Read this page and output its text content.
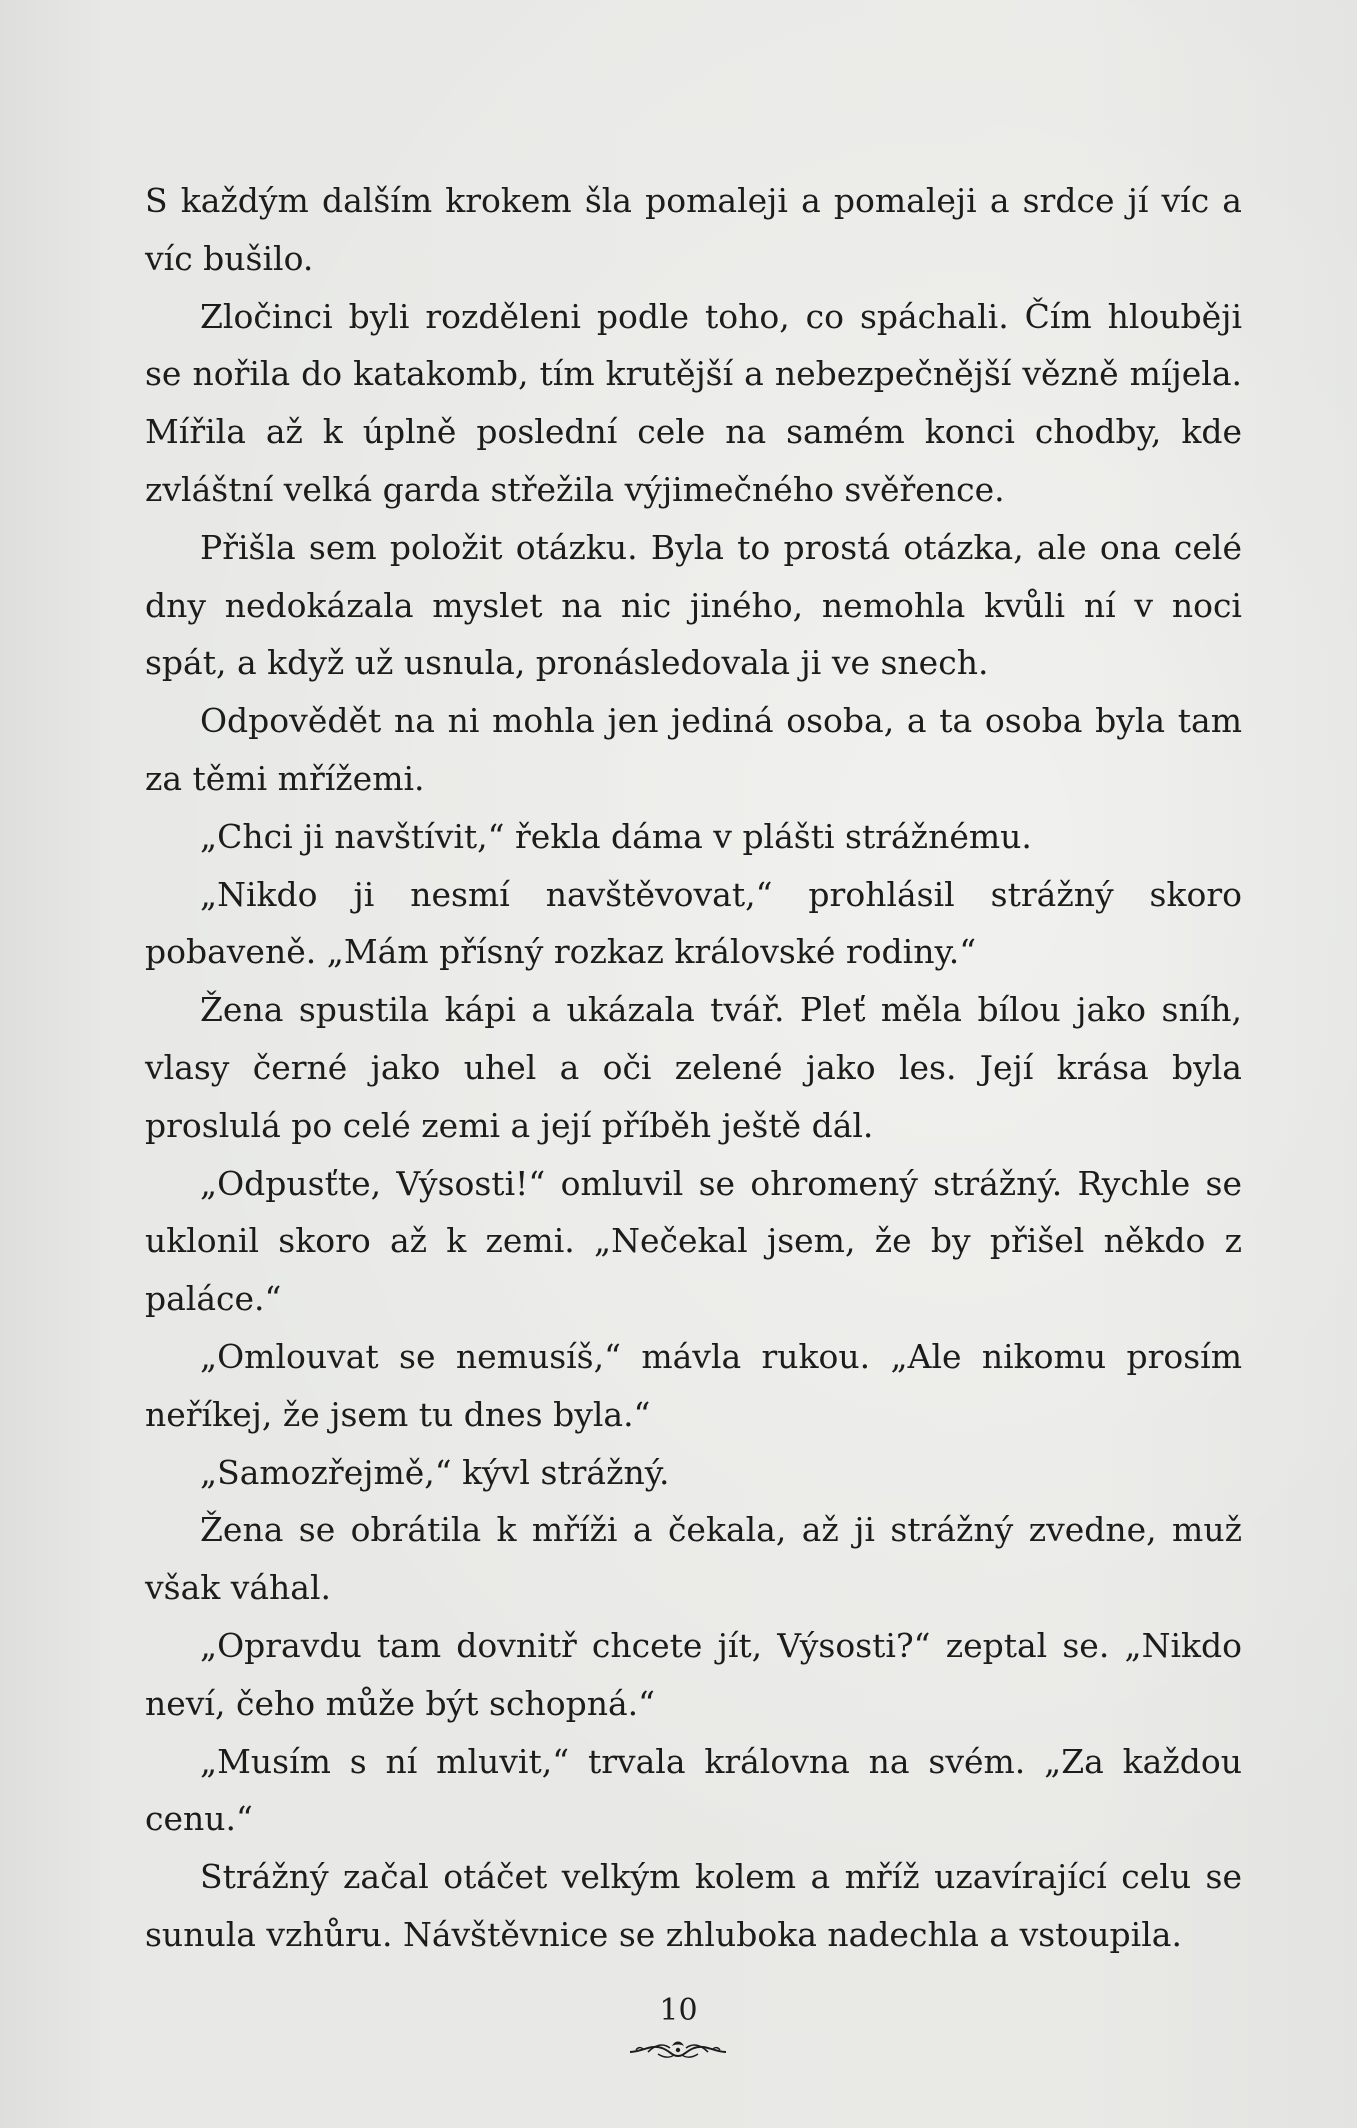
S každým dalším krokem šla pomaleji a pomaleji a srdce jí víc a víc bušilo.

Zločinci byli rozděleni podle toho, co spáchali. Čím hlouběji se nořila do katakomb, tím krutější a nebezpečnější vězně míjela. Mířila až k úplně poslední cele na samém konci chodby, kde zvláštní velká garda střežila výjimečného svěřence.

Přišla sem položit otázku. Byla to prostá otázka, ale ona celé dny nedokázala myslet na nic jiného, nemohla kvůli ní v noci spát, a když už usnula, pronásledovala ji ve snech.

Odpovědět na ni mohla jen jediná osoba, a ta osoba byla tam za těmi mřížemi.

„Chci ji navštívit,“ řekla dáma v plášti strážnému.

„Nikdo ji nesmí navštěvovat,“ prohlásil strážný skoro pobaveně. „Mám přísný rozkaz královské rodiny.“

Žena spustila kápi a ukázala tvář. Pleť měla bílou jako sníh, vlasy černé jako uhel a oči zelené jako les. Její krása byla proslulá po celé zemi a její příběh ještě dál.

„Odpusťte, Výsosti!“ omluvil se ohromený strážný. Rychle se uklonil skoro až k zemi. „Nečekal jsem, že by přišel někdo z paláce.“

„Omlouvat se nemusíš,“ mávla rukou. „Ale nikomu prosím neříkej, že jsem tu dnes byla.“

„Samozřejmě,“ kývl strážný.

Žena se obrátila k mříži a čekala, až ji strážný zvedne, muž však váhal.

„Opravdu tam dovnitř chcete jít, Výsosti?“ zeptal se. „Nikdo neví, čeho může být schopná.“

„Musím s ní mluvit,“ trvala královna na svém. „Za každou cenu.“

Strážný začal otáčet velkým kolem a mříž uzavírající celu se sunula vzhůru. Návštěvnice se zhluboka nadechla a vstoupila.

10
